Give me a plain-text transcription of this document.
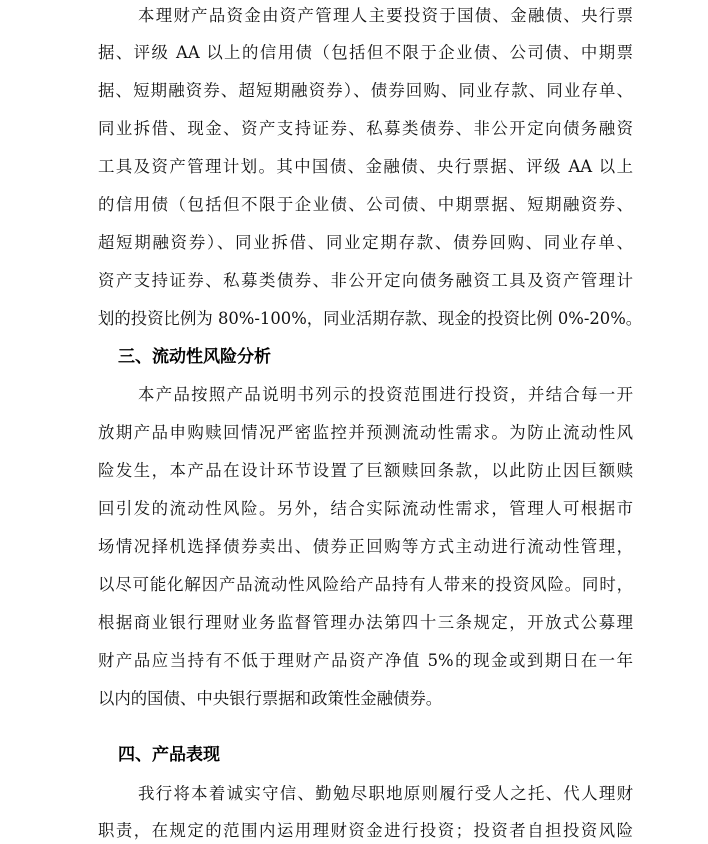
本理财产品资金由资产管理人主要投资于国债、金融债、央行票
据、评级 AA 以上的信用债（包括但不限于企业债、公司债、中期票
据、短期融资券、超短期融资券）、债券回购、同业存款、同业存单、
同业拆借、现金、资产支持证券、私募类债券、非公开定向债务融资
工具及资产管理计划。其中国债、金融债、央行票据、评级 AA 以上
的信用债（包括但不限于企业债、公司债、中期票据、短期融资券、
超短期融资券）、同业拆借、同业定期存款、债券回购、同业存单、
资产支持证券、私募类债券、非公开定向债务融资工具及资产管理计
划的投资比例为 80%-100%，同业活期存款、现金的投资比例 0%-20%。
三、流动性风险分析
本产品按照产品说明书列示的投资范围进行投资，并结合每一开
放期产品申购赎回情况严密监控并预测流动性需求。为防止流动性风
险发生，本产品在设计环节设置了巨额赎回条款，以此防止因巨额赎
回引发的流动性风险。另外，结合实际流动性需求，管理人可根据市
场情况择机选择债券卖出、债券正回购等方式主动进行流动性管理，
以尽可能化解因产品流动性风险给产品持有人带来的投资风险。同时，
根据商业银行理财业务监督管理办法第四十三条规定，开放式公募理
财产品应当持有不低于理财产品资产净值 5%的现金或到期日在一年
以内的国债、中央银行票据和政策性金融债券。
四、产品表现
我行将本着诚实守信、勤勉尽职地原则履行受人之托、代人理财
职责，在规定的范围内运用理财资金进行投资；投资者自担投资风险
